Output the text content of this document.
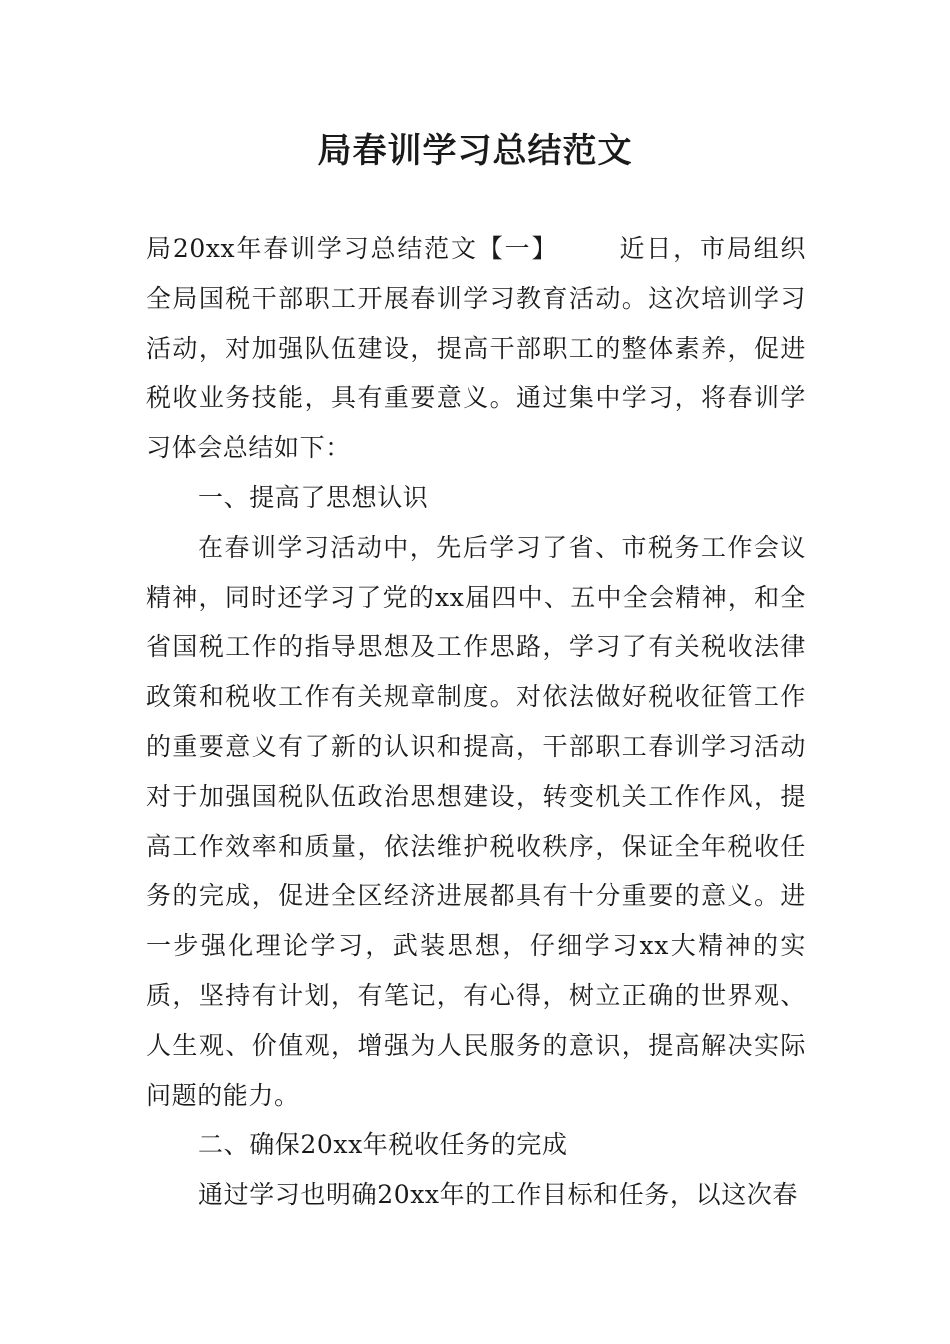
局春训学习总结范文

局20xx年春训学习总结范文【一】 近日，市局组织全局国税干部职工开展春训学习教育活动。这次培训学习活动，对加强队伍建设，提高干部职工的整体素养，促进税收业务技能，具有重要意义。通过集中学习，将春训学习体会总结如下：

一、提高了思想认识

在春训学习活动中，先后学习了省、市税务工作会议精神，同时还学习了党的xx届四中、五中全会精神，和全省国税工作的指导思想及工作思路，学习了有关税收法律政策和税收工作有关规章制度。对依法做好税收征管工作的重要意义有了新的认识和提高，干部职工春训学习活动对于加强国税队伍政治思想建设，转变机关工作作风，提高工作效率和质量，依法维护税收秩序，保证全年税收任务的完成，促进全区经济进展都具有十分重要的意义。进一步强化理论学习，武装思想，仔细学习xx大精神的实质，坚持有计划，有笔记，有心得，树立正确的世界观、人生观、价值观，增强为人民服务的意识，提高解决实际问题的能力。

二、确保20xx年税收任务的完成

通过学习也明确20xx年的工作目标和任务，以这次春
